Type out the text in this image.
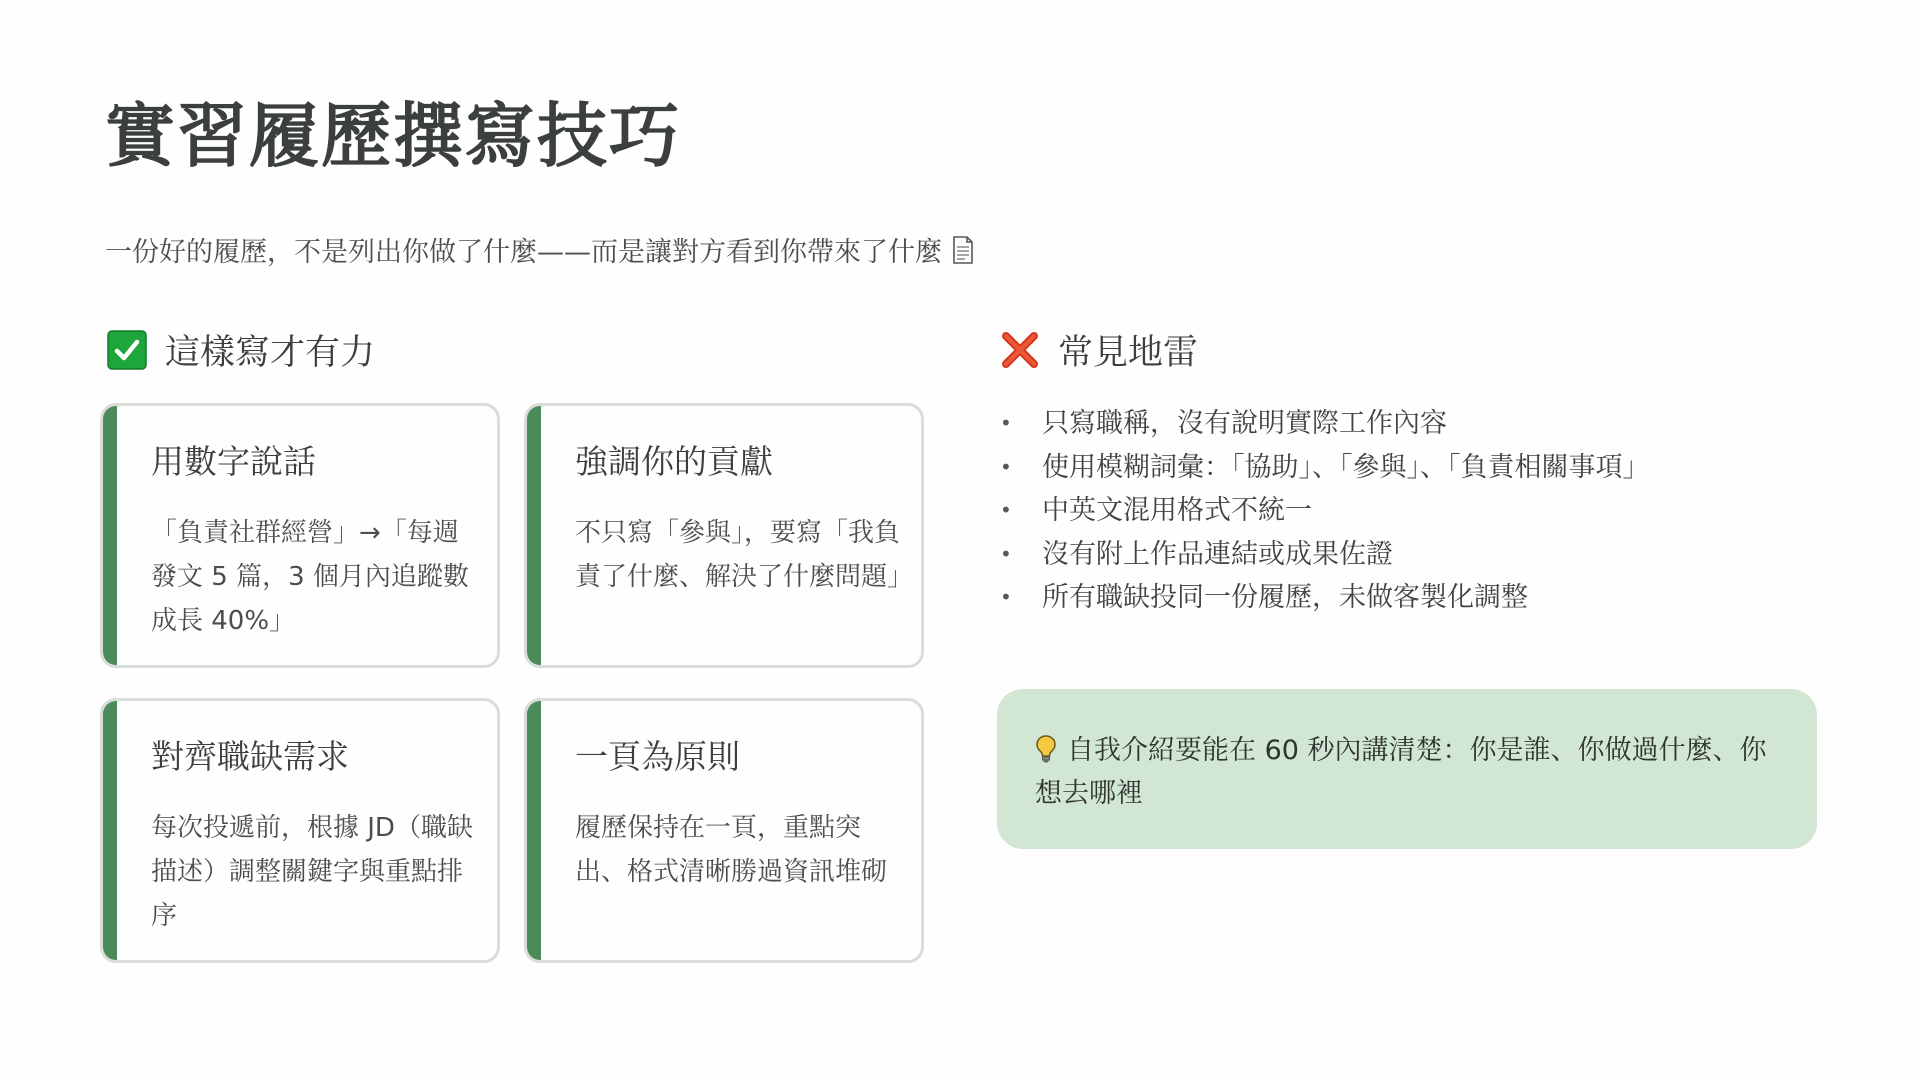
實習履歷撰寫技巧
一份好的履歷，不是列出你做了什麼——而是讓對方看到你帶來了什麼
這樣寫才有力	常見地雷
用數字說話
「負責社群經營」→「每週發文 5 篇，3 個月內追蹤數成長 40%」
強調你的貢獻
不只寫「參與」，要寫「我負責了什麼、解決了什麼問題」
對齊職缺需求
每次投遞前，根據 JD（職缺描述）調整關鍵字與重點排序
一頁為原則
履歷保持在一頁，重點突出、格式清晰勝過資訊堆砌
• 只寫職稱，沒有說明實際工作內容
• 使用模糊詞彙：「協助」、「參與」、「負責相關事項」
• 中英文混用格式不統一
• 沒有附上作品連結或成果佐證
• 所有職缺投同一份履歷，未做客製化調整
自我介紹要能在 60 秒內講清楚：你是誰、你做過什麼、你想去哪裡
